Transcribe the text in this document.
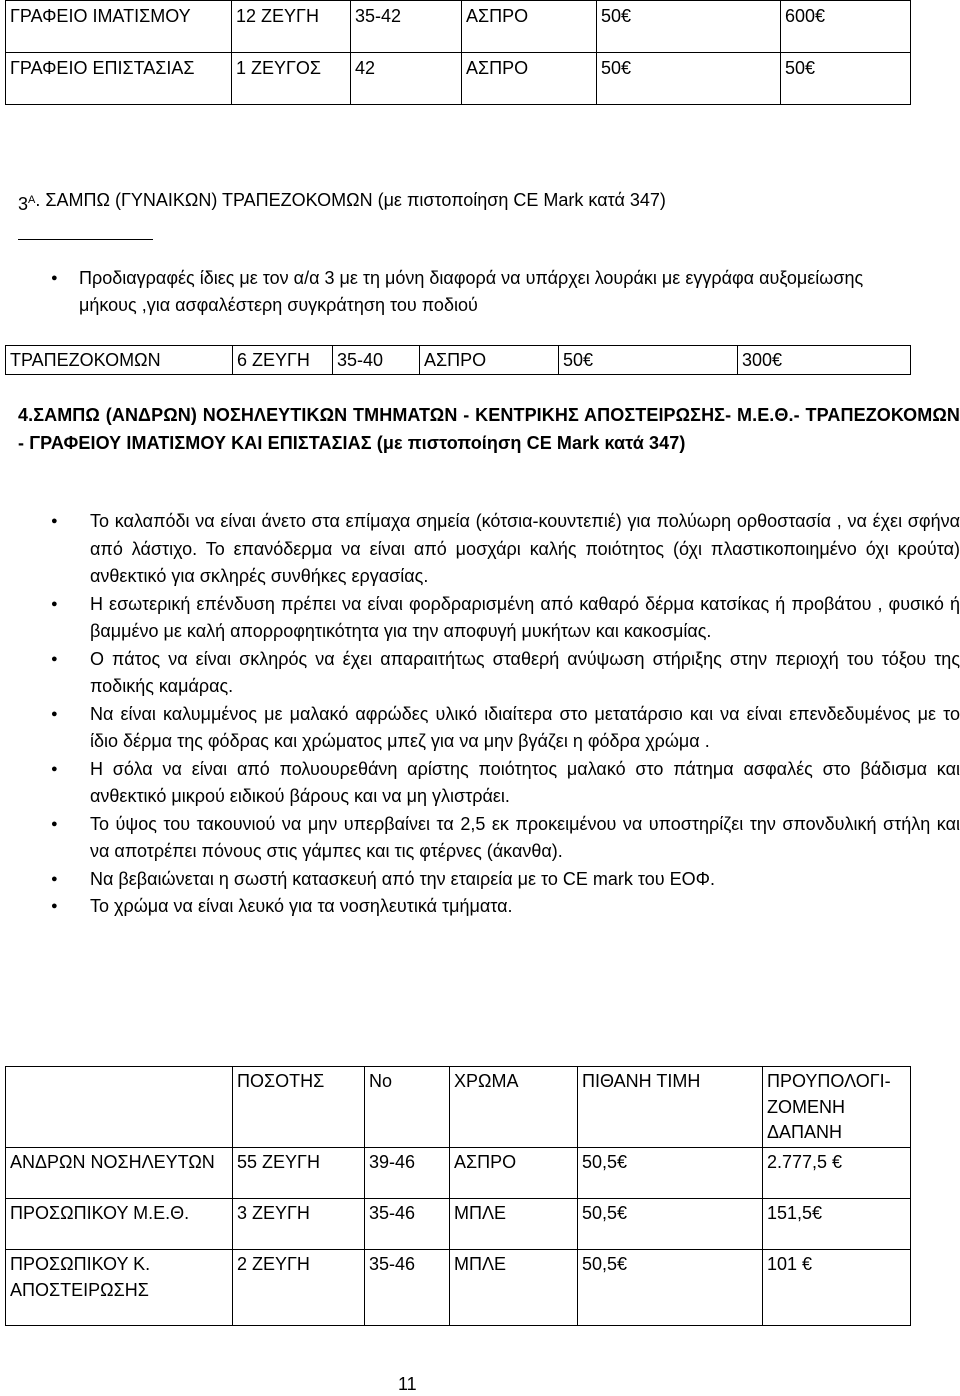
ΓΡΑΦΕΙΟ ΙΜΑΤΙΣΜΟΥ	12 ΖΕΥΓΗ	35-42	ΑΣΠΡΟ	50€	600€
ΓΡΑΦΕΙΟ ΕΠΙΣΤΑΣΙΑΣ	1 ΖΕΥΓΟΣ	42	ΑΣΠΡΟ	50€	50€
$3^A$. ΣΑΜΠΩ (ΓΥΝΑΙΚΩΝ) ΤΡΑΠΕΖΟΚΟΜΩΝ (με πιστοποίηση CE Mark κατά 347)
● Προδιαγραφές ίδιες με τον α/α 3 με τη μόνη διαφορά να υπάρχει λουράκι με εγγράφα αυξομείωσης μήκους ,για ασφαλέστερη συγκράτηση του ποδιού
ΤΡΑΠΕΖΟΚΟΜΩΝ	6 ΖΕΥΓΗ	35-40	ΑΣΠΡΟ	50€	300€
4.ΣΑΜΠΩ (ΑΝΔΡΩΝ) ΝΟΣΗΛΕΥΤΙΚΩΝ ΤΜΗΜΑΤΩΝ - ΚΕΝΤΡΙΚΗΣ ΑΠΟΣΤΕΙΡΩΣΗΣ- Μ.Ε.Θ.- ΤΡΑΠΕΖΟΚΟΜΩΝ - ΓΡΑΦΕΙΟΥ ΙΜΑΤΙΣΜΟΥ ΚΑΙ ΕΠΙΣΤΑΣΙΑΣ (με πιστοποίηση CE Mark κατά 347)
● Το καλαπόδι να είναι άνετο στα επίμαχα σημεία (κότσια-κουντεπιέ) για πολύωρη ορθοστασία , να έχει σφήνα από λάστιχο. Το επανόδερμα να είναι από μοσχάρι καλής ποιότητος (όχι πλαστικοποιημένο όχι κρούτα) ανθεκτικό για σκληρές συνθήκες εργασίας.
● Η εσωτερική επένδυση πρέπει να είναι φορδραρισμένη από καθαρό δέρμα κατσίκας ή προβάτου , φυσικό ή βαμμένο με καλή απορροφητικότητα για την αποφυγή μυκήτων και κακοσμίας.
● Ο πάτος να είναι σκληρός να έχει απαραιτήτως σταθερή ανύψωση στήριξης στην περιοχή του τόξου της ποδικής καμάρας.
● Να είναι καλυμμένος με μαλακό αφρώδες υλικό ιδιαίτερα στο μετατάρσιο και να είναι επενδεδυμένος με το ίδιο δέρμα της φόδρας και χρώματος μπεζ για να μην βγάζει η φόδρα χρώμα .
● Η σόλα να είναι από πολυουρεθάνη αρίστης ποιότητος μαλακό στο πάτημα ασφαλές στο βάδισμα και ανθεκτικό μικρού ειδικού βάρους και να μη γλιστράει.
● Το ύψος του τακουνιού να μην υπερβαίνει τα 2,5 εκ προκειμένου να υποστηρίζει την σπονδυλική στήλη και να αποτρέπει πόνους στις γάμπες και τις φτέρνες (άκανθα).
● Να βεβαιώνεται η σωστή κατασκευή από την εταιρεία με το CE mark του ΕΟΦ.
● Το χρώμα να είναι λευκό για τα νοσηλευτικά τμήματα.
	ΠΟΣΟΤΗΣ	Νο	ΧΡΩΜΑ	ΠΙΘΑΝΗ ΤΙΜΗ	ΠΡΟΥΠΟΛΟΓΙ-ΖΟΜΕΝΗ ΔΑΠΑΝΗ
ΑΝΔΡΩΝ ΝΟΣΗΛΕΥΤΩΝ	55 ΖΕΥΓΗ	39-46	ΑΣΠΡΟ	50,5€	2.777,5 €
ΠΡΟΣΩΠΙΚΟΥ Μ.Ε.Θ.	3 ΖΕΥΓΗ	35-46	ΜΠΛΕ	50,5€	151,5€
ΠΡΟΣΩΠΙΚΟΥ Κ. ΑΠΟΣΤΕΙΡΩΣΗΣ	2 ΖΕΥΓΗ	35-46	ΜΠΛΕ	50,5€	101 €
11
